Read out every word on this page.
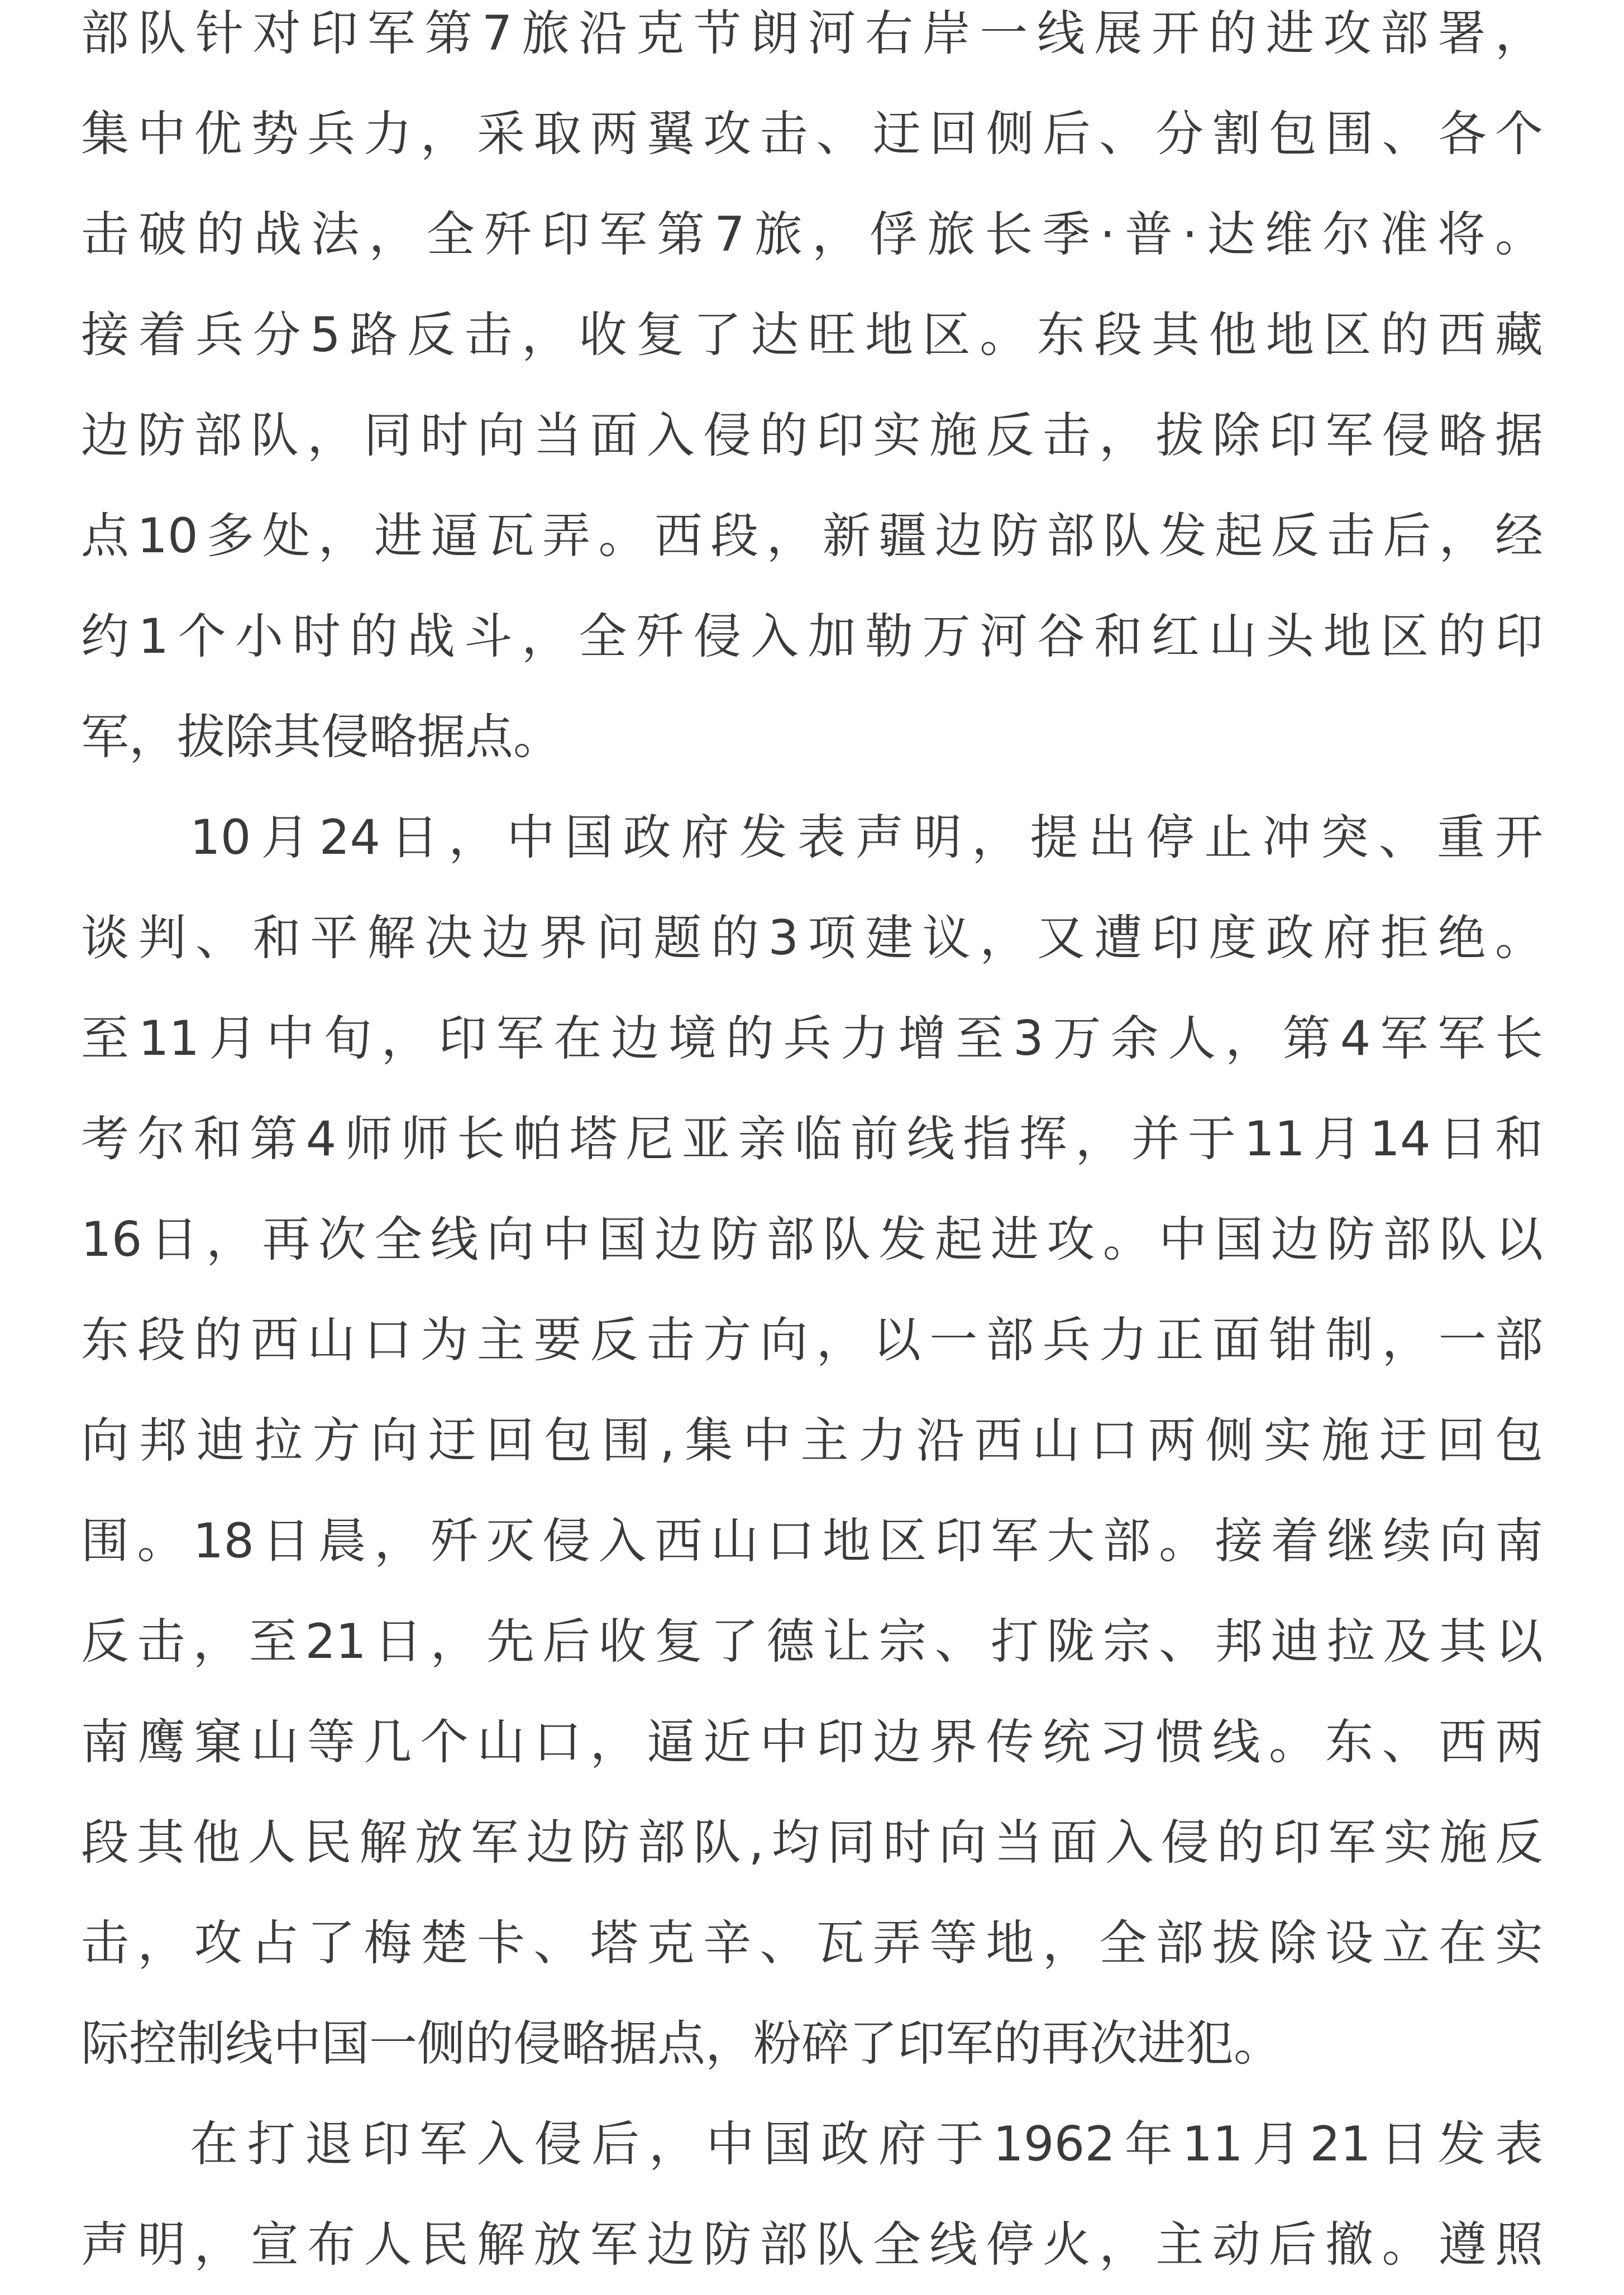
部队针对印军第7旅沿克节朗河右岸一线展开的进攻部署，
集中优势兵力，采取两翼攻击、迂回侧后、分割包围、各个
击破的战法，全歼印军第7旅，俘旅长季·普·达维尔准将。
接着兵分5路反击，收复了达旺地区。东段其他地区的西藏
边防部队，同时向当面入侵的印实施反击，拔除印军侵略据
点10多处，进逼瓦弄。西段，新疆边防部队发起反击后，经
约1个小时的战斗，全歼侵入加勒万河谷和红山头地区的印
军，拔除其侵略据点。
10月24日，中国政府发表声明，提出停止冲突、重开
谈判、和平解决边界问题的3项建议，又遭印度政府拒绝。
至11月中旬，印军在边境的兵力增至3万余人，第4军军长
考尔和第4师师长帕塔尼亚亲临前线指挥，并于11月14日和
16日，再次全线向中国边防部队发起进攻。中国边防部队以
东段的西山口为主要反击方向，以一部兵力正面钳制，一部
向邦迪拉方向迂回包围,集中主力沿西山口两侧实施迂回包
围。18日晨，歼灭侵入西山口地区印军大部。接着继续向南
反击，至21日，先后收复了德让宗、打陇宗、邦迪拉及其以
南鹰窠山等几个山口，逼近中印边界传统习惯线。东、西两
段其他人民解放军边防部队,均同时向当面入侵的印军实施反
击，攻占了梅楚卡、塔克辛、瓦弄等地，全部拔除设立在实
际控制线中国一侧的侵略据点，粉碎了印军的再次进犯。
在打退印军入侵后，中国政府于1962年11月21日发表
声明，宣布人民解放军边防部队全线停火，主动后撤。遵照
